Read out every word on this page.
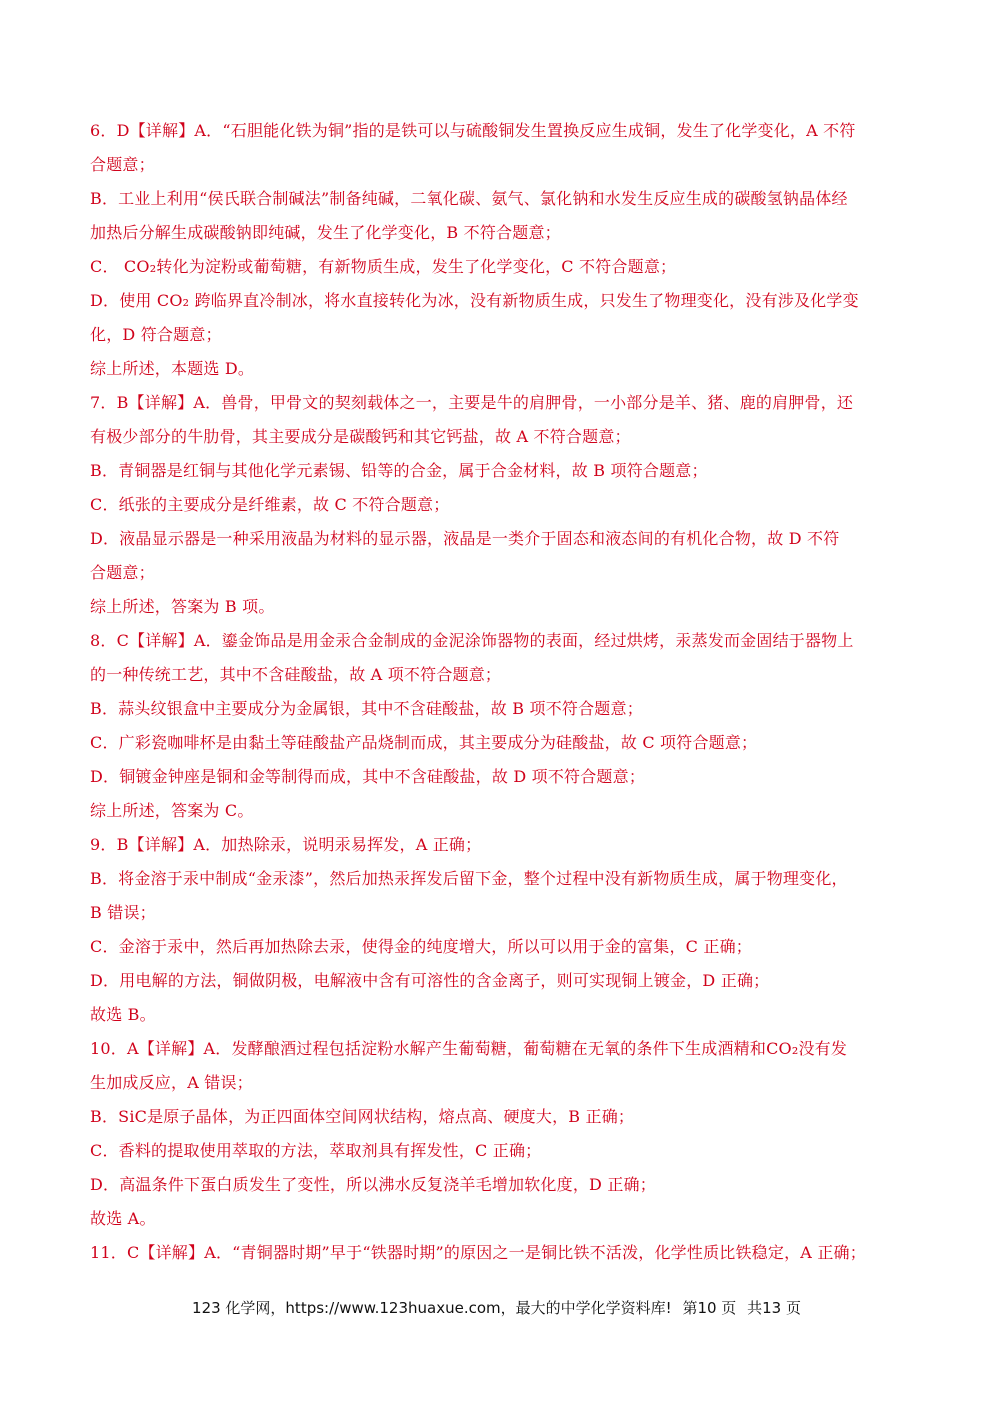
6．D【详解】A．“石胆能化铁为铜”指的是铁可以与硫酸铜发生置换反应生成铜，发生了化学变化，A 不符
合题意；
B．工业上利用“侯氏联合制碱法”制备纯碱，二氧化碳、氨气、氯化钠和水发生反应生成的碳酸氢钠晶体经
加热后分解生成碳酸钠即纯碱，发生了化学变化，B 不符合题意；
C． CO₂转化为淀粉或葡萄糖，有新物质生成，发生了化学变化，C 不符合题意；
D．使用 CO₂ 跨临界直冷制冰，将水直接转化为冰，没有新物质生成，只发生了物理变化，没有涉及化学变
化，D 符合题意；
综上所述，本题选 D。
7．B【详解】A．兽骨，甲骨文的契刻载体之一，主要是牛的肩胛骨，一小部分是羊、猪、鹿的肩胛骨，还
有极少部分的牛肋骨，其主要成分是碳酸钙和其它钙盐，故 A 不符合题意；
B．青铜器是红铜与其他化学元素锡、铅等的合金，属于合金材料，故 B 项符合题意；
C．纸张的主要成分是纤维素，故 C 不符合题意；
D．液晶显示器是一种采用液晶为材料的显示器，液晶是一类介于固态和液态间的有机化合物，故 D 不符
合题意；
综上所述，答案为 B 项。
8．C【详解】A．鎏金饰品是用金汞合金制成的金泥涂饰器物的表面，经过烘烤，汞蒸发而金固结于器物上
的一种传统工艺，其中不含硅酸盐，故 A 项不符合题意；
B．蒜头纹银盒中主要成分为金属银，其中不含硅酸盐，故 B 项不符合题意；
C．广彩瓷咖啡杯是由黏土等硅酸盐产品烧制而成，其主要成分为硅酸盐，故 C 项符合题意；
D．铜镀金钟座是铜和金等制得而成，其中不含硅酸盐，故 D 项不符合题意；
综上所述，答案为 C。
9．B【详解】A．加热除汞，说明汞易挥发，A 正确；
B．将金溶于汞中制成“金汞漆”，然后加热汞挥发后留下金，整个过程中没有新物质生成，属于物理变化，
B 错误；
C．金溶于汞中，然后再加热除去汞，使得金的纯度增大，所以可以用于金的富集，C 正确；
D．用电解的方法，铜做阴极，电解液中含有可溶性的含金离子，则可实现铜上镀金，D 正确；
故选 B。
10．A【详解】A．发酵酿酒过程包括淀粉水解产生葡萄糖，葡萄糖在无氧的条件下生成酒精和CO₂没有发
生加成反应，A 错误；
B．SiC是原子晶体，为正四面体空间网状结构，熔点高、硬度大，B 正确；
C．香料的提取使用萃取的方法，萃取剂具有挥发性，C 正确；
D．高温条件下蛋白质发生了变性，所以沸水反复浇羊毛增加软化度，D 正确；
故选 A。
11．C【详解】A．“青铜器时期”早于“铁器时期”的原因之一是铜比铁不活泼，化学性质比铁稳定，A 正确；
123 化学网，https://www.123huaxue.com，最大的中学化学资料库! 第10 页 共13 页
